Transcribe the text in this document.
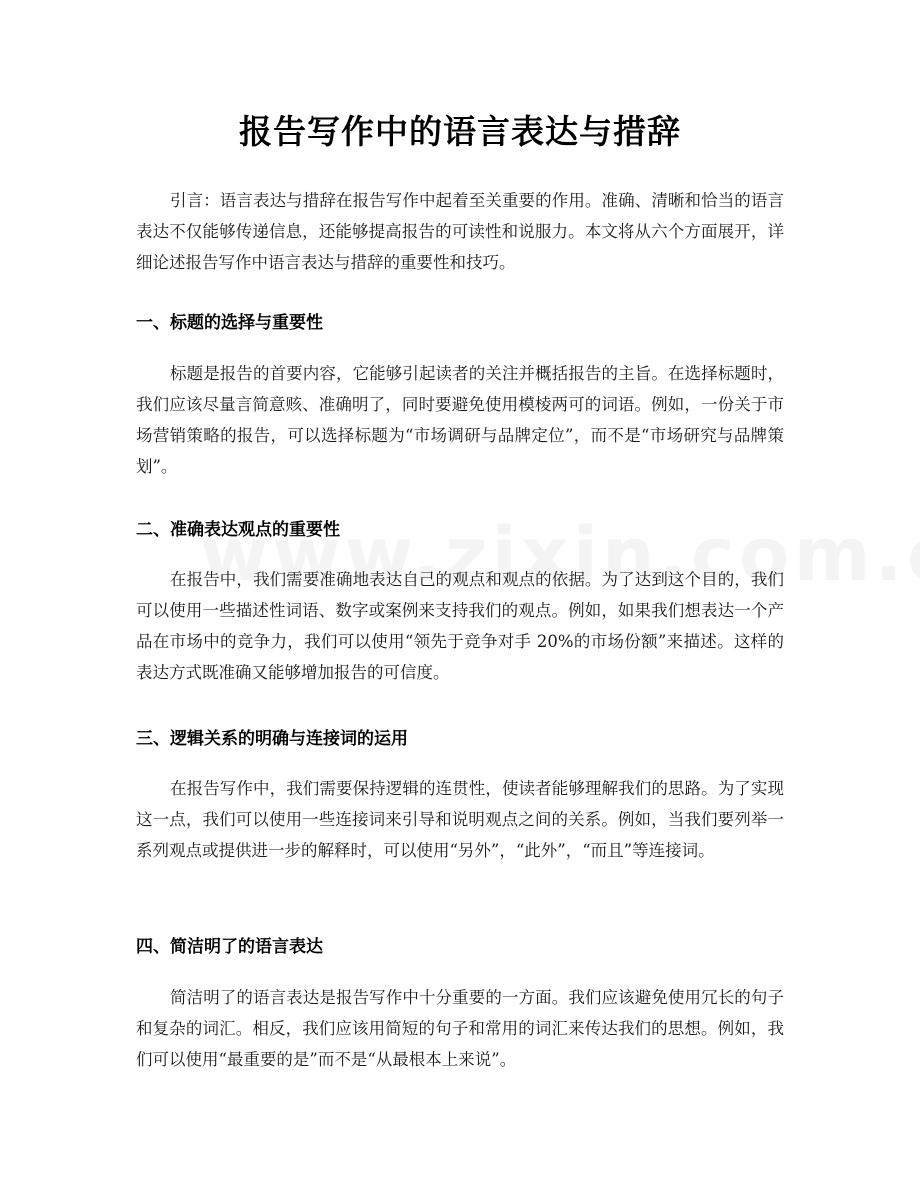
报告写作中的语言表达与措辞

引言：语言表达与措辞在报告写作中起着至关重要的作用。准确、清晰和恰当的语言表达不仅能够传递信息，还能够提高报告的可读性和说服力。本文将从六个方面展开，详细论述报告写作中语言表达与措辞的重要性和技巧。

一、标题的选择与重要性

标题是报告的首要内容，它能够引起读者的关注并概括报告的主旨。在选择标题时，我们应该尽量言简意赅、准确明了，同时要避免使用模棱两可的词语。例如，一份关于市场营销策略的报告，可以选择标题为“市场调研与品牌定位”，而不是“市场研究与品牌策划”。

二、准确表达观点的重要性

在报告中，我们需要准确地表达自己的观点和观点的依据。为了达到这个目的，我们可以使用一些描述性词语、数字或案例来支持我们的观点。例如，如果我们想表达一个产品在市场中的竞争力，我们可以使用“领先于竞争对手 20%的市场份额”来描述。这样的表达方式既准确又能够增加报告的可信度。

三、逻辑关系的明确与连接词的运用

在报告写作中，我们需要保持逻辑的连贯性，使读者能够理解我们的思路。为了实现这一点，我们可以使用一些连接词来引导和说明观点之间的关系。例如，当我们要列举一系列观点或提供进一步的解释时，可以使用“另外”，“此外”，“而且”等连接词。

四、简洁明了的语言表达

简洁明了的语言表达是报告写作中十分重要的一方面。我们应该避免使用冗长的句子和复杂的词汇。相反，我们应该用简短的句子和常用的词汇来传达我们的思想。例如，我们可以使用“最重要的是”而不是“从最根本上来说”。
